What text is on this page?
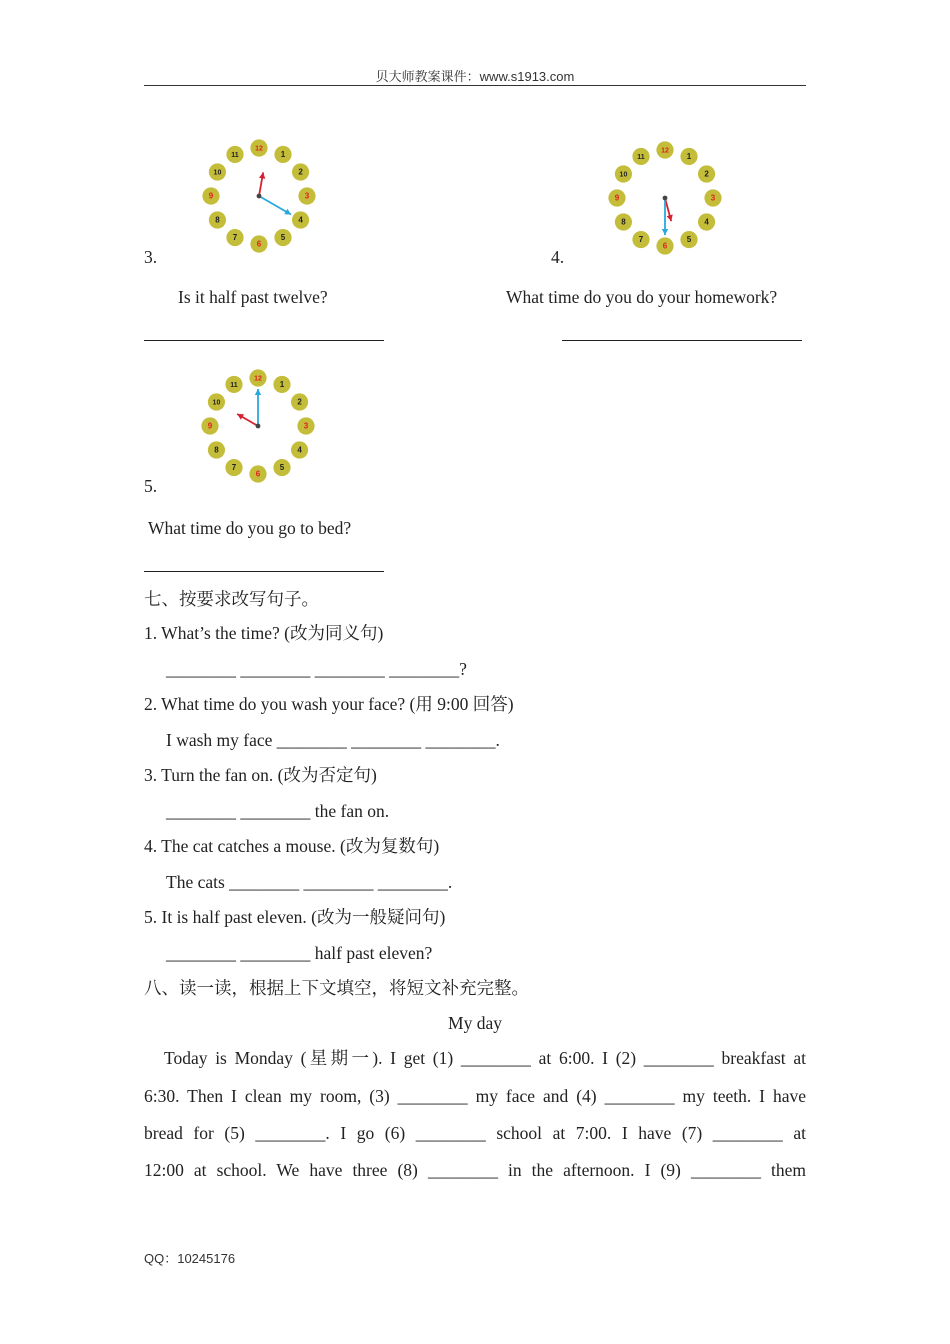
贝大师教案课件：www.s1913.com
12
1
2
3
4
5
6
7
8
9
10
11
12
1
2
3
4
5
6
7
8
9
10
11
12
1
2
3
4
5
6
7
8
9
10
11
3.	4.
Is it half past twelve?	What time do you do your homework?
5.
What time do you go to bed?
七、按要求改写句子。
1. What’s the time? (改为同义句)
________ ________ ________ ________?
2. What time do you wash your face? (用 9:00 回答)
I wash my face ________ ________ ________.
3. Turn the fan on. (改为否定句)
________ ________ the fan on.
4. The cat catches a mouse. (改为复数句)
The cats ________ ________ ________.
5. It is half past eleven. (改为一般疑问句)
________ ________ half past eleven?
八、读一读，根据上下文填空，将短文补充完整。
My day
Today is Monday (星期一). I get (1) ________ at 6:00. I (2) ________ breakfast at
6:30. Then I clean my room, (3) ________ my face and (4) ________ my teeth. I have
bread for (5) ________. I go (6) ________ school at 7:00. I have (7) ________ at
12:00 at school. We have three (8) ________ in the afternoon. I (9) ________ them
QQ：10245176
